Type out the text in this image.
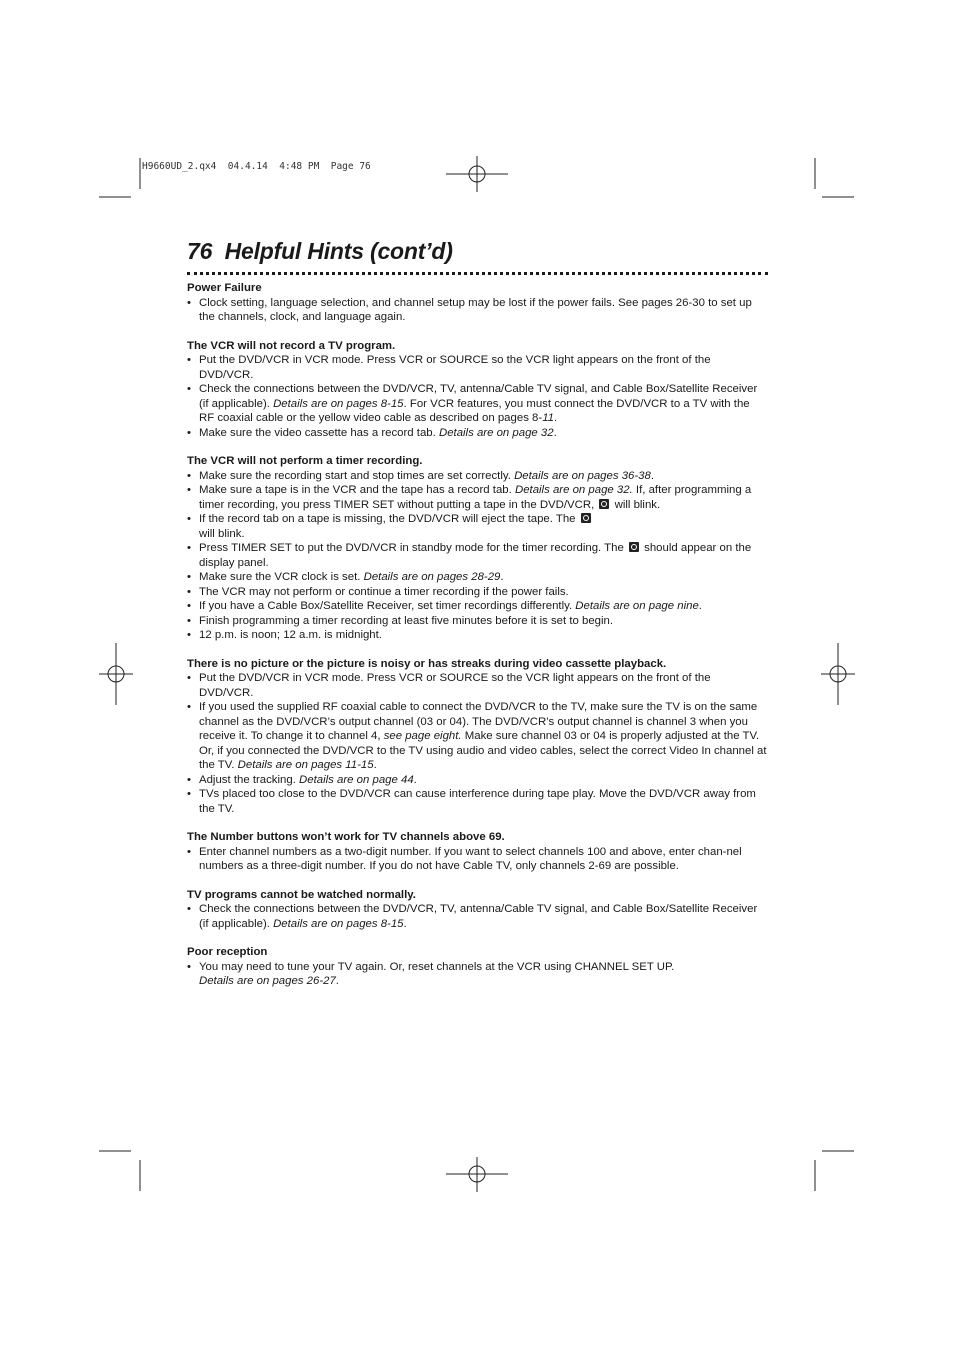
H9660UD_2.qx4  04.4.14  4:48 PM  Page 76
76 Helpful Hints (cont’d)
Power Failure
• Clock setting, language selection, and channel setup may be lost if the power fails. See pages 26-30 to set up the channels, clock, and language again.

The VCR will not record a TV program.
• Put the DVD/VCR in VCR mode. Press VCR or SOURCE so the VCR light appears on the front of the DVD/VCR.

• Check the connections between the DVD/VCR, TV, antenna/Cable TV signal, and Cable Box/Satellite Receiver (if applicable). Details are on pages 8-15. For VCR features, you must connect the DVD/VCR to a TV with the RF coaxial cable or the yellow video cable as described on pages 8-11.

• Make sure the video cassette has a record tab. Details are on page 32.

The VCR will not perform a timer recording.
• Make sure the recording start and stop times are set correctly. Details are on pages 36-38.

• Make sure a tape is in the VCR and the tape has a record tab. Details are on page 32. If, after programming a timer recording, you press TIMER SET without putting a tape in the DVD/VCR,  will blink.

• If the record tab on a tape is missing, the DVD/VCR will eject the tape. The
will blink.

• Press TIMER SET to put the DVD/VCR in standby mode for the timer recording. The  should appear on the display panel.

• Make sure the VCR clock is set. Details are on pages 28-29.

• The VCR may not perform or continue a timer recording if the power fails.

• If you have a Cable Box/Satellite Receiver, set timer recordings differently. Details are on page nine.

• Finish programming a timer recording at least five minutes before it is set to begin.

• 12 p.m. is noon; 12 a.m. is midnight.

There is no picture or the picture is noisy or has streaks during video cassette playback.
• Put the DVD/VCR in VCR mode. Press VCR or SOURCE so the VCR light appears on the front of the DVD/VCR.

• If you used the supplied RF coaxial cable to connect the DVD/VCR to the TV, make sure the TV is on the same channel as the DVD/VCR’s output channel (03 or 04). The DVD/VCR’s output channel is channel 3 when you receive it. To change it to channel 4, see page eight. Make sure channel 03 or 04 is properly adjusted at the TV.
Or, if you connected the DVD/VCR to the TV using audio and video cables, select the correct Video In channel at the TV. Details are on pages 11-15.

• Adjust the tracking. Details are on page 44.

• TVs placed too close to the DVD/VCR can cause interference during tape play. Move the DVD/VCR away from the TV.

The Number buttons won’t work for TV channels above 69.
• Enter channel numbers as a two-digit number. If you want to select channels 100 and above, enter chan-nel numbers as a three-digit number. If you do not have Cable TV, only channels 2-69 are possible.

TV programs cannot be watched normally.
• Check the connections between the DVD/VCR, TV, antenna/Cable TV signal, and Cable Box/Satellite Receiver (if applicable). Details are on pages 8-15.

Poor reception
• You may need to tune your TV again. Or, reset channels at the VCR using CHANNEL SET UP.
Details are on pages 26-27.
